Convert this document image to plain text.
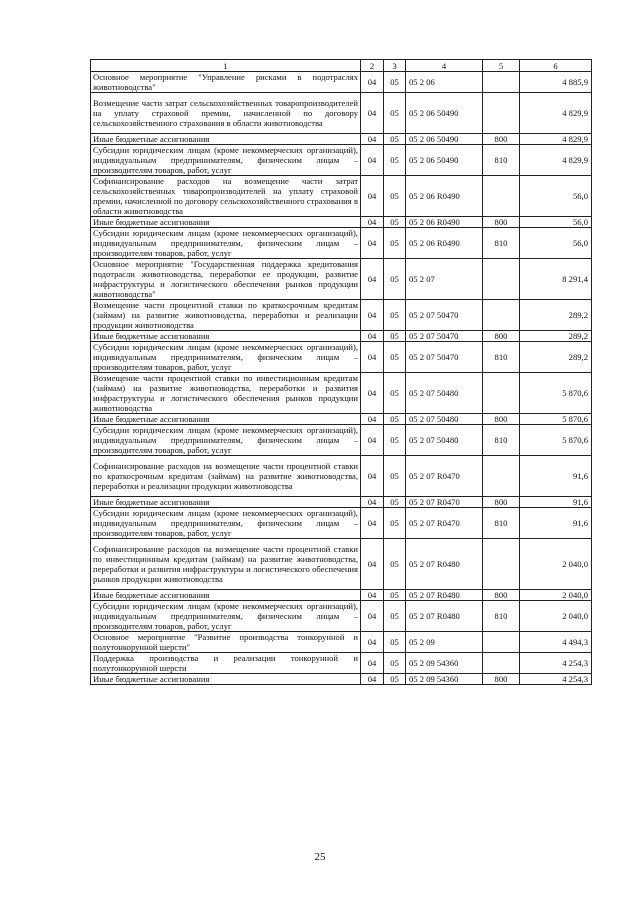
1	2	3	4	5	6
Основное мероприятие "Управление рисками в подотраслях животноводства"	04	05	05 2 06		4 885,9
Возмещение части затрат сельскохозяйственных товаропроизводителей на уплату страховой премии, начисленной по договору сельскохозяйственного страхования в области животноводства	04	05	05 2 06 50490		4 829,9
Иные бюджетные ассигнования	04	05	05 2 06 50490	800	4 829,9
Субсидии юридическим лицам (кроме некоммерческих организаций), индивидуальным предпринимателям, физическим лицам – производителям товаров, работ, услуг	04	05	05 2 06 50490	810	4 829,9
Софинансирование расходов на возмещение части затрат сельскохозяйственных товаропроизводителей на уплату страховой премии, начисленной по договору сельскохозяйственного страхования в области животноводства	04	05	05 2 06 R0490		56,0
Иные бюджетные ассигнования	04	05	05 2 06 R0490	800	56,0
Субсидии юридическим лицам (кроме некоммерческих организаций), индивидуальным предпринимателям, физическим лицам – производителям товаров, работ, услуг	04	05	05 2 06 R0490	810	56,0
Основное мероприятие "Государственная поддержка кредитования подотрасли животноводства, переработки ее продукции, развитие инфраструктуры и логистического обеспечения рынков продукции животноводства"	04	05	05 2 07		8 291,4
Возмещение части процентной ставки по краткосрочным кредитам (займам) на развитие животноводства, переработки и реализации продукции животноводства	04	05	05 2 07 50470		289,2
Иные бюджетные ассигнования	04	05	05 2 07 50470	800	289,2
Субсидии юридическим лицам (кроме некоммерческих организаций), индивидуальным предпринимателям, физическим лицам – производителям товаров, работ, услуг	04	05	05 2 07 50470	810	289,2
Возмещение части процентной ставки по инвестиционным кредитам (займам) на развитие животноводства, переработки и развития инфраструктуры и логистического обеспечения рынков продукции животноводства	04	05	05 2 07 50480		5 870,6
Иные бюджетные ассигнования	04	05	05 2 07 50480	800	5 870,6
Субсидии юридическим лицам (кроме некоммерческих организаций), индивидуальным предпринимателям, физическим лицам – производителям товаров, работ, услуг	04	05	05 2 07 50480	810	5 870,6
Софинансирование расходов на возмещение части процентной ставки по краткосрочным кредитам (займам) на развитие животноводства, переработки и реализации продукции животноводства	04	05	05 2 07 R0470		91,6
Иные бюджетные ассигнования	04	05	05 2 07 R0470	800	91,6
Субсидии юридическим лицам (кроме некоммерческих организаций), индивидуальным предпринимателям, физическим лицам – производителям товаров, работ, услуг	04	05	05 2 07 R0470	810	91,6
Софинансирование расходов на возмещение части процентной ставки по инвестиционным кредитам (займам) на развитие животноводства, переработки и развития инфраструктуры и логистического обеспечения рынков продукции животноводства	04	05	05 2 07 R0480		2 040,0
Иные бюджетные ассигнования	04	05	05 2 07 R0480	800	2 040,0
Субсидии юридическим лицам (кроме некоммерческих организаций), индивидуальным предпринимателям, физическим лицам – производителям товаров, работ, услуг	04	05	05 2 07 R0480	810	2 040,0
Основное мероприятие "Развитие производства тонкорунной и полутонкорунной шерсти"	04	05	05 2 09		4 494,3
Поддержка производства и реализации тонкорунной и полутонкорунной шерсти	04	05	05 2 09 54360		4 254,3
Иные бюджетные ассигнования	04	05	05 2 09 54360	800	4 254,3
25
